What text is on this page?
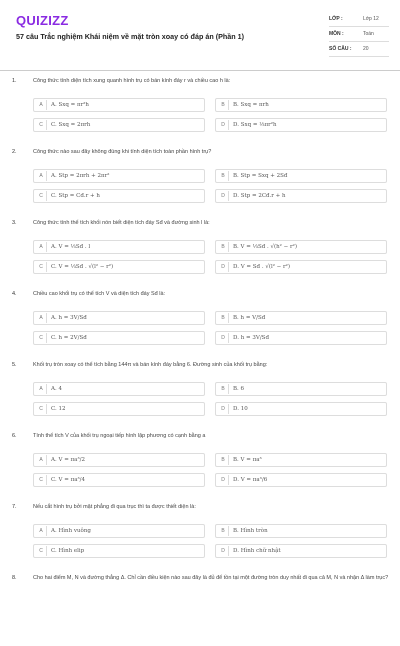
QUIZIZZ
57 câu Trắc nghiệm Khái niệm về mặt tròn xoay có đáp án (Phần 1)
LỚP :	Lớp 12
MÔN :	Toán
SỐ CÂU : 20
1.	Công thức tính diện tích xung quanh hình trụ có bán kính đáy r và chiều cao h là:
A	A. Sxq = πr²h	B	B. Sxq = πrh
C	C. Sxq = 2πrh	D	D. Sxq = ⅓πr²h
2.	Công thức nào sau đây không đúng khi tính diện tích toàn phần hình trụ?
A	A. Stp = 2πrh + 2πr²	B	B. Stp = Sxq + 2Sđ
C	C. Stp = Cđ.r + h	D	D. Stp = 2Cđ.r + h
3.	Công thức tính thể tích khối nón biết diện tích đáy Sđ và đường sinh l là:
A	A. V = ⅓Sđ . l	B	B. V = ⅓Sđ . √(h² − r²)
C	C. V = ⅓Sđ . √(l² − r²)	D	D. V = Sđ . √(l² − r²)
4.	Chiều cao khối trụ có thể tích V và diện tích đáy Sđ là:
A	A. h = 3V/Sđ	B	B. h = V/Sđ
C	C. h = 2V/Sđ	D	D. h = 3V/Sđ
5.	Khối trụ tròn xoay có thể tích bằng 144π và bán kính đáy bằng 6. Đường sinh của khối trụ bằng:
A	A. 4	B	B. 6
C	C. 12	D	D. 10
6.	Tính thể tích V của khối trụ ngoại tiếp hình lập phương có cạnh bằng a
A	A. V = πa³/2	B	B. V = πa³
C	C. V = πa³/4	D	D. V = πa³/6
7.	Nếu cắt hình trụ bởi mặt phẳng đi qua trục thì ta được thiết diện là:
A	A. Hình vuông	B	B. Hình tròn
C	C. Hình elip	D	D. Hình chữ nhật
8.	Cho hai điểm M, N và đường thẳng Δ. Chỉ cần điều kiện nào sau đây là đủ để tồn tại một đường tròn duy nhất đi qua cả M, N và nhận Δ làm trục?
